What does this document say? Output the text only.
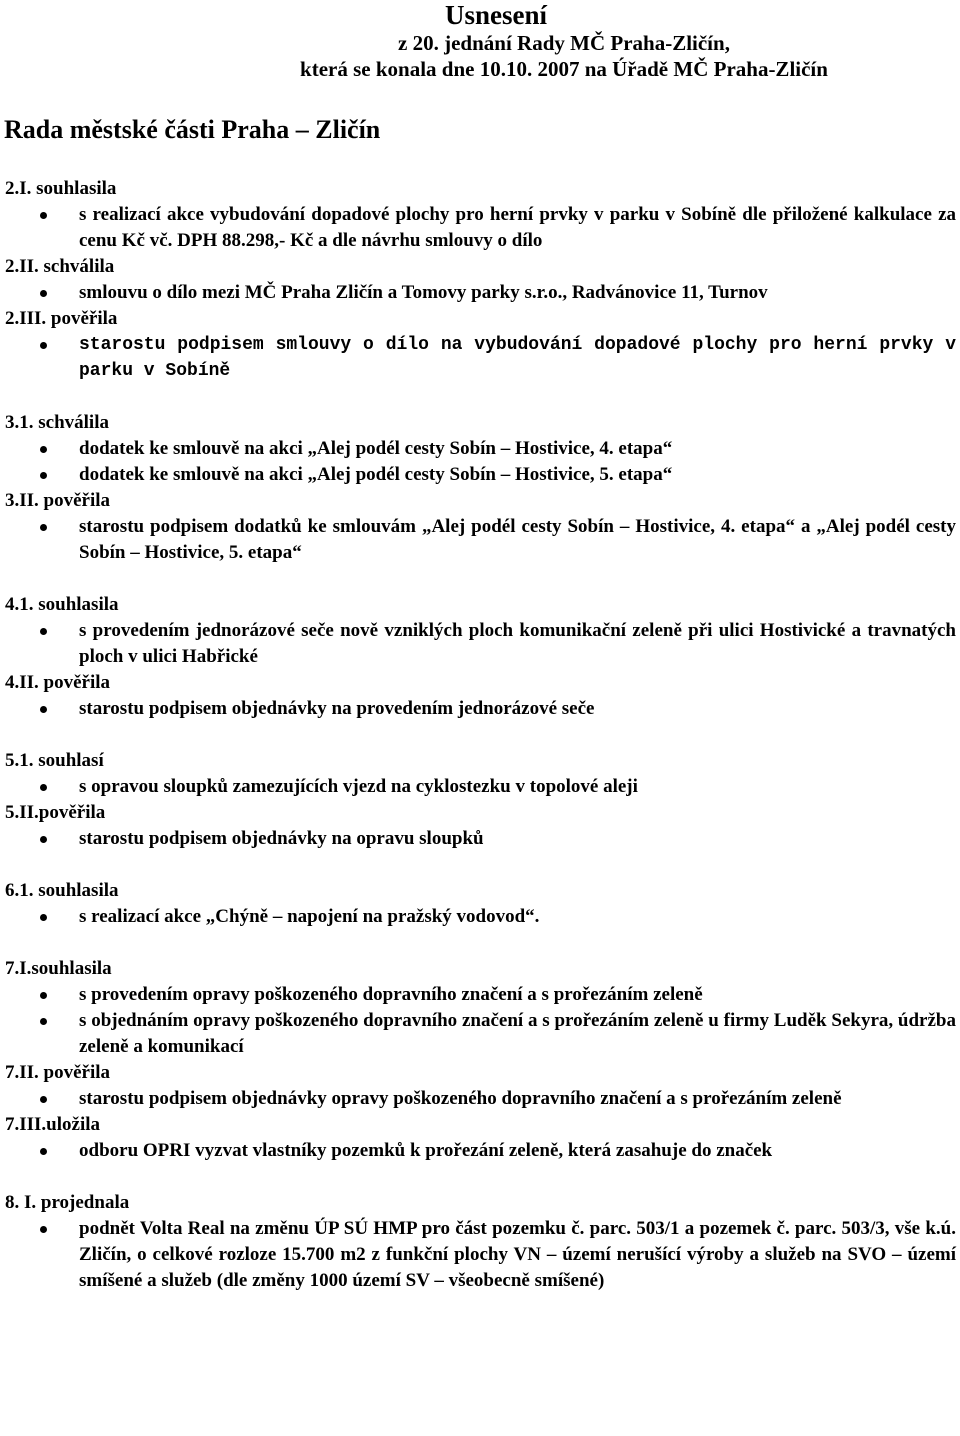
Usnesení
z 20. jednání Rady MČ Praha-Zličín,
která se konala dne 10.10. 2007 na Úřadě MČ Praha-Zličín
Rada městské části Praha – Zličín
2.I. souhlasila
s realizací akce vybudování dopadové plochy pro herní prvky v parku v Sobíně dle přiložené kalkulace za cenu Kč vč. DPH 88.298,- Kč a dle návrhu smlouvy o dílo
2.II. schválila
smlouvu o dílo mezi MČ Praha Zličín a Tomovy parky s.r.o., Radvánovice 11, Turnov
2.III. pověřila
starostu podpisem smlouvy o dílo na vybudování dopadové plochy pro herní prvky v parku v Sobíně
3.1. schválila
dodatek ke smlouvě na akci „Alej podél cesty Sobín – Hostivice, 4. etapa“
dodatek ke smlouvě na akci „Alej podél cesty Sobín – Hostivice, 5. etapa“
3.II. pověřila
starostu podpisem dodatků ke smlouvám „Alej podél cesty Sobín – Hostivice, 4. etapa“ a „Alej podél cesty Sobín – Hostivice, 5. etapa“
4.1. souhlasila
s provedením jednorázové seče nově vzniklých ploch komunikační zeleně při ulici Hostivické a travnatých ploch v ulici Habřické
4.II. pověřila
starostu podpisem objednávky na provedením jednorázové seče
5.1. souhlasí
s opravou sloupků zamezujících vjezd na cyklostezku v topolové aleji
5.II.pověřila
starostu podpisem objednávky na opravu sloupků
6.1. souhlasila
s realizací akce „Chýně – napojení na pražský vodovod“.
7.I.souhlasila
s provedením opravy poškozeného dopravního značení a s prořezáním zeleně
s objednáním opravy poškozeného dopravního značení a s prořezáním zeleně u firmy Luděk Sekyra, údržba zeleně a komunikací
7.II. pověřila
starostu podpisem objednávky opravy poškozeného dopravního značení a s prořezáním zeleně
7.III.uložila
odboru OPRI vyzvat vlastníky pozemků k prořezání zeleně, která zasahuje do značek
8. I. projednala
podnět Volta Real na změnu ÚP SÚ HMP pro část pozemku č. parc. 503/1 a pozemek č. parc. 503/3, vše k.ú. Zličín, o celkové rozloze 15.700 m2 z funkční plochy VN – území nerušící výroby a služeb na SVO – území smíšené a služeb (dle změny 1000 území SV – všeobecně smíšené)
